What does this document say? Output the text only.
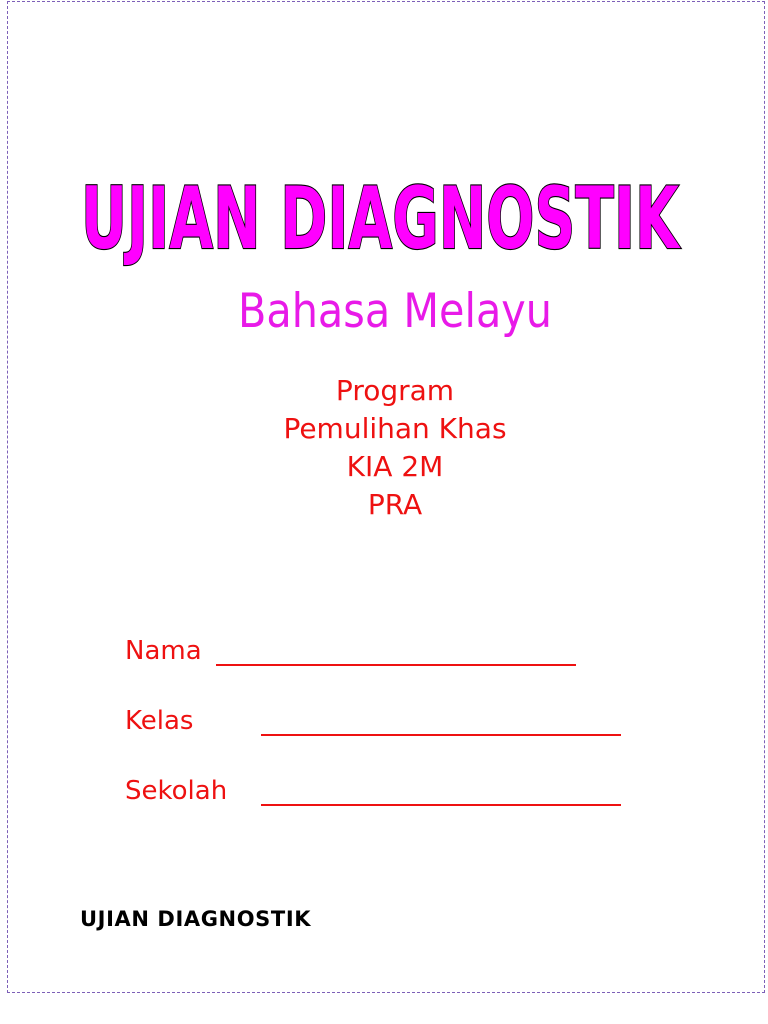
UJIAN DIAGNOSTIK
Bahasa Melayu
Program
Pemulihan Khas
KIA 2M
PRA
Nama
Kelas
Sekolah
UJIAN DIAGNOSTIK
